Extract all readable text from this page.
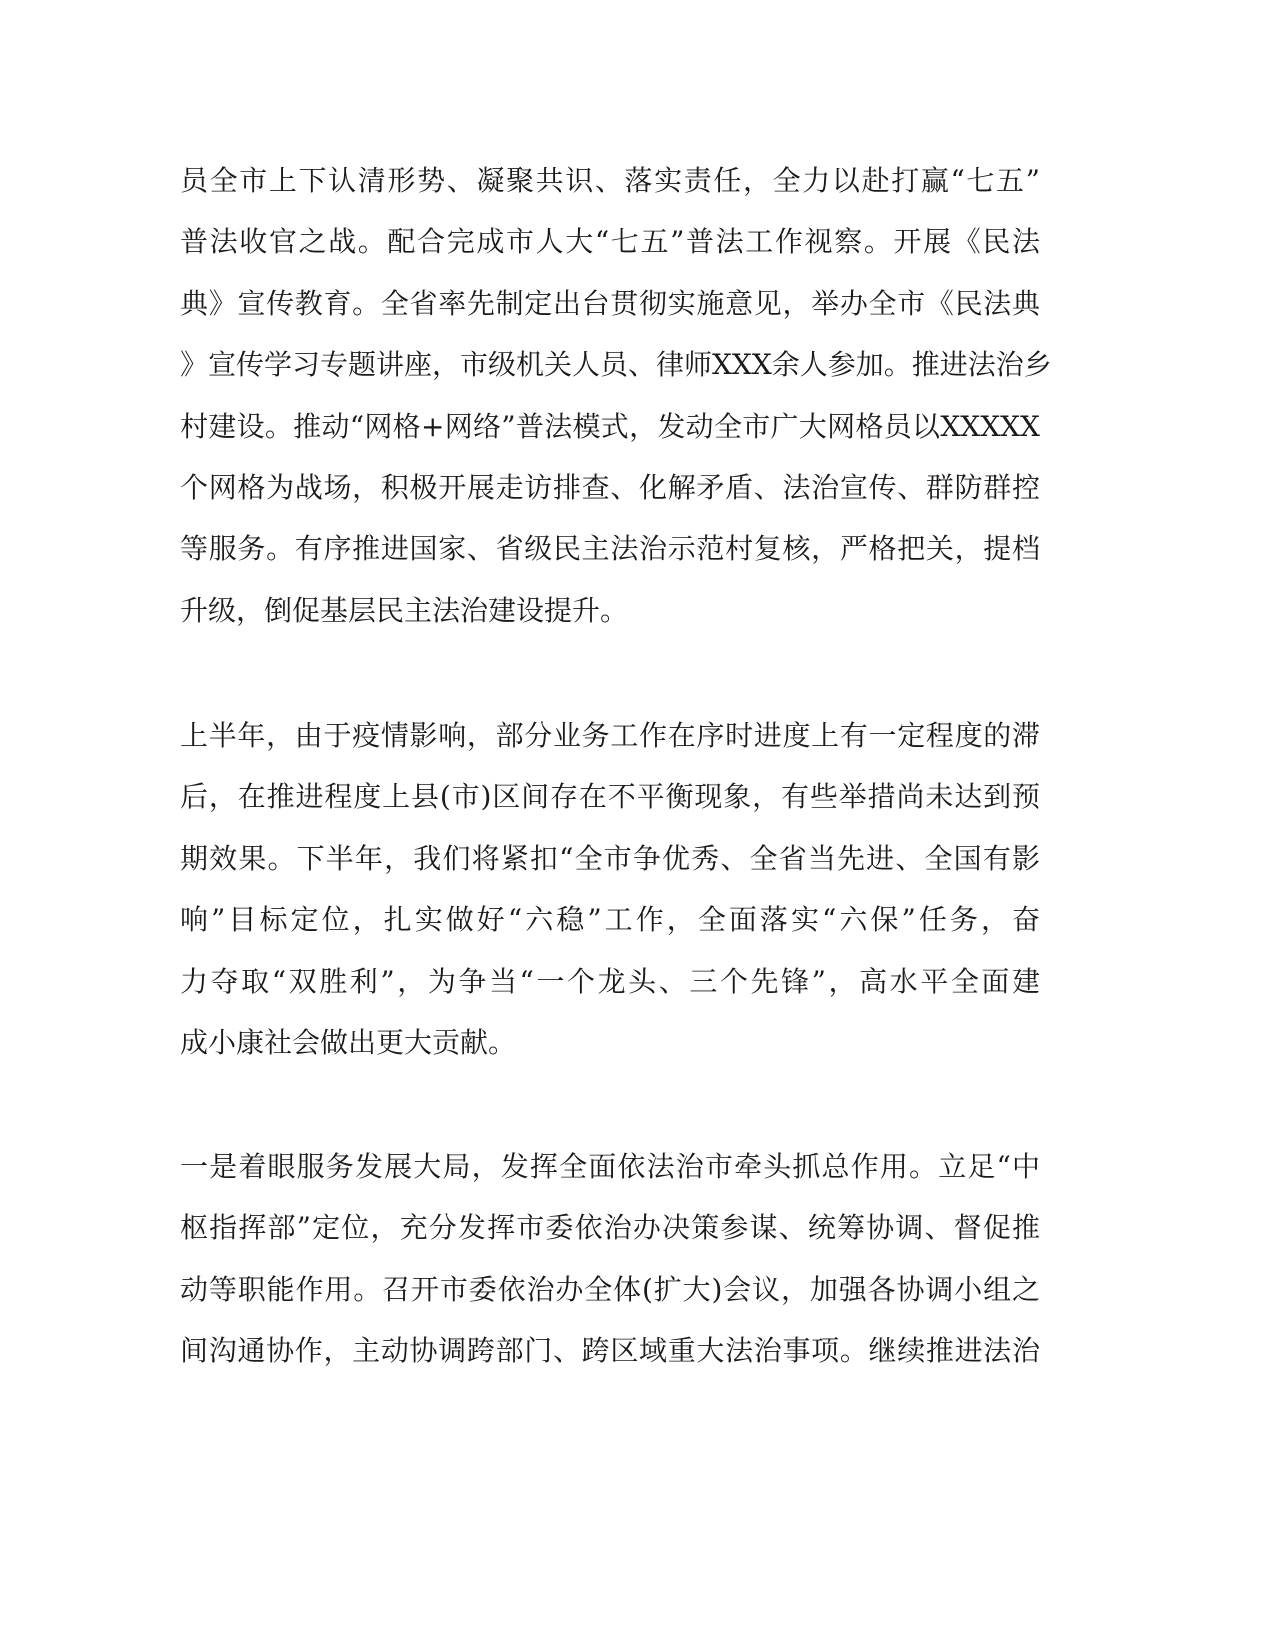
员全市上下认清形势、凝聚共识、落实责任，全力以赴打赢“七五”
普法收官之战。配合完成市人大“七五”普法工作视察。开展《民法
典》宣传教育。全省率先制定出台贯彻实施意见，举办全市《民法典
》宣传学习专题讲座，市级机关人员、律师XXX余人参加。推进法治乡
村建设。推动“网格+网络”普法模式，发动全市广大网格员以XXXXX
个网格为战场，积极开展走访排查、化解矛盾、法治宣传、群防群控
等服务。有序推进国家、省级民主法治示范村复核，严格把关，提档
升级，倒促基层民主法治建设提升。

上半年，由于疫情影响，部分业务工作在序时进度上有一定程度的滞
后，在推进程度上县(市)区间存在不平衡现象，有些举措尚未达到预
期效果。下半年，我们将紧扣“全市争优秀、全省当先进、全国有影
响”目标定位，扎实做好“六稳”工作，全面落实“六保”任务，奋
力夺取“双胜利”，为争当“一个龙头、三个先锋”，高水平全面建
成小康社会做出更大贡献。

一是着眼服务发展大局，发挥全面依法治市牵头抓总作用。立足“中
枢指挥部”定位，充分发挥市委依治办决策参谋、统筹协调、督促推
动等职能作用。召开市委依治办全体(扩大)会议，加强各协调小组之
间沟通协作，主动协调跨部门、跨区域重大法治事项。继续推进法治
